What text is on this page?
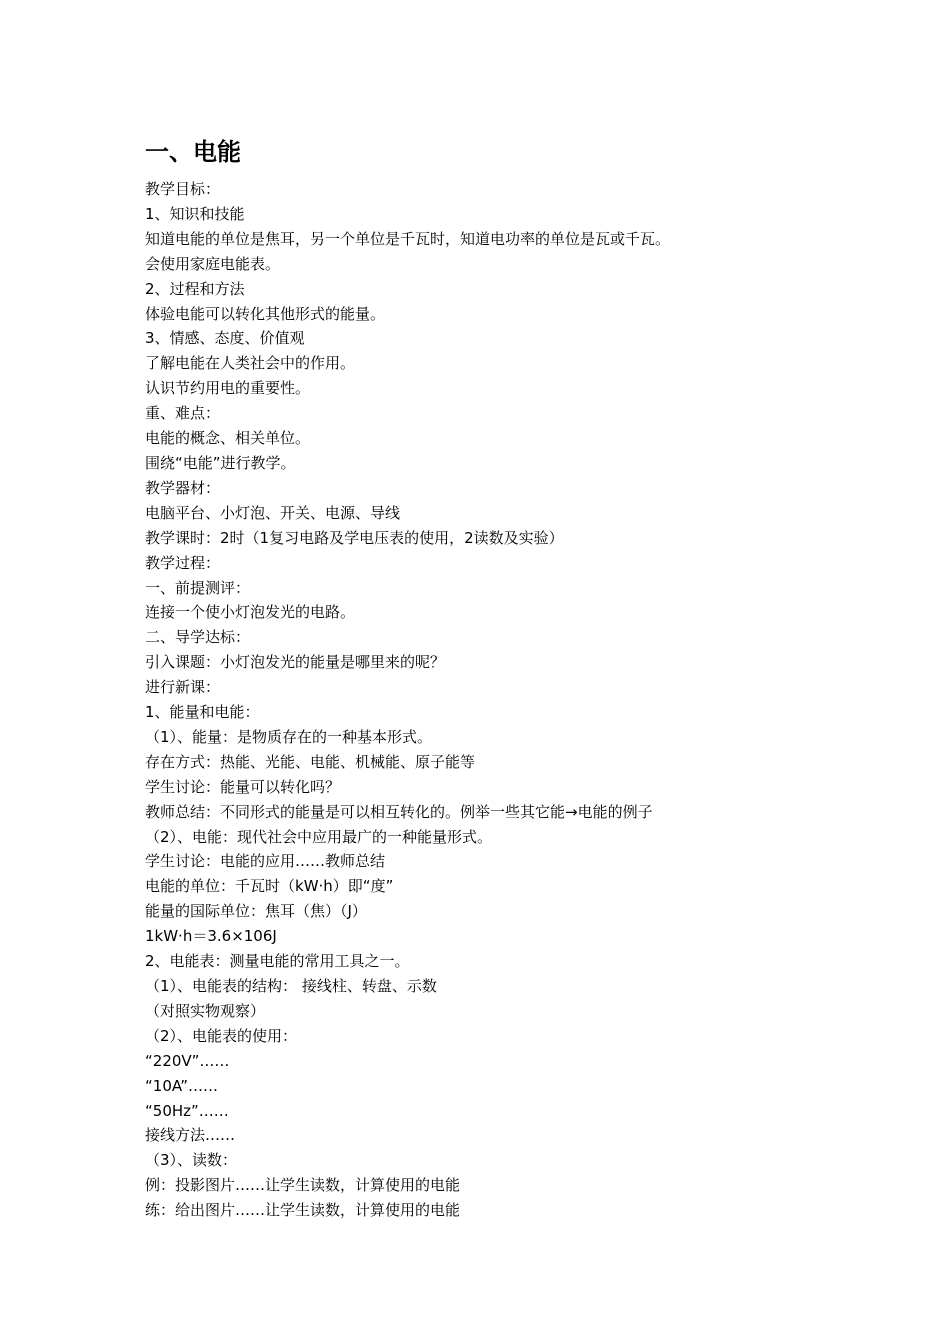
一、电能

教学目标：

1、知识和技能

知道电能的单位是焦耳，另一个单位是千瓦时，知道电功率的单位是瓦或千瓦。

会使用家庭电能表。

2、过程和方法

体验电能可以转化其他形式的能量。

3、情感、态度、价值观

了解电能在人类社会中的作用。

认识节约用电的重要性。

重、难点：

电能的概念、相关单位。

围绕“电能”进行教学。

教学器材：

电脑平台、小灯泡、开关、电源、导线

教学课时：2时（1复习电路及学电压表的使用，2读数及实验）

教学过程：

一、前提测评：

连接一个使小灯泡发光的电路。

二、导学达标：

引入课题：小灯泡发光的能量是哪里来的呢？

进行新课：

1、能量和电能：

（1）、能量：是物质存在的一种基本形式。

存在方式：热能、光能、电能、机械能、原子能等

学生讨论：能量可以转化吗？

教师总结：不同形式的能量是可以相互转化的。例举一些其它能→电能的例子

（2）、电能：现代社会中应用最广的一种能量形式。

学生讨论：电能的应用……教师总结

电能的单位：千瓦时（kW·h）即“度”

能量的国际单位：焦耳（焦）（J）

1kW·h＝3.6×106J

2、电能表：测量电能的常用工具之一。

（1）、电能表的结构： 接线柱、转盘、示数

（对照实物观察）

（2）、电能表的使用：

“220V”……

“10A”……

“50Hz”……

接线方法……

（3）、读数：

例：投影图片……让学生读数，计算使用的电能

练：给出图片……让学生读数，计算使用的电能
